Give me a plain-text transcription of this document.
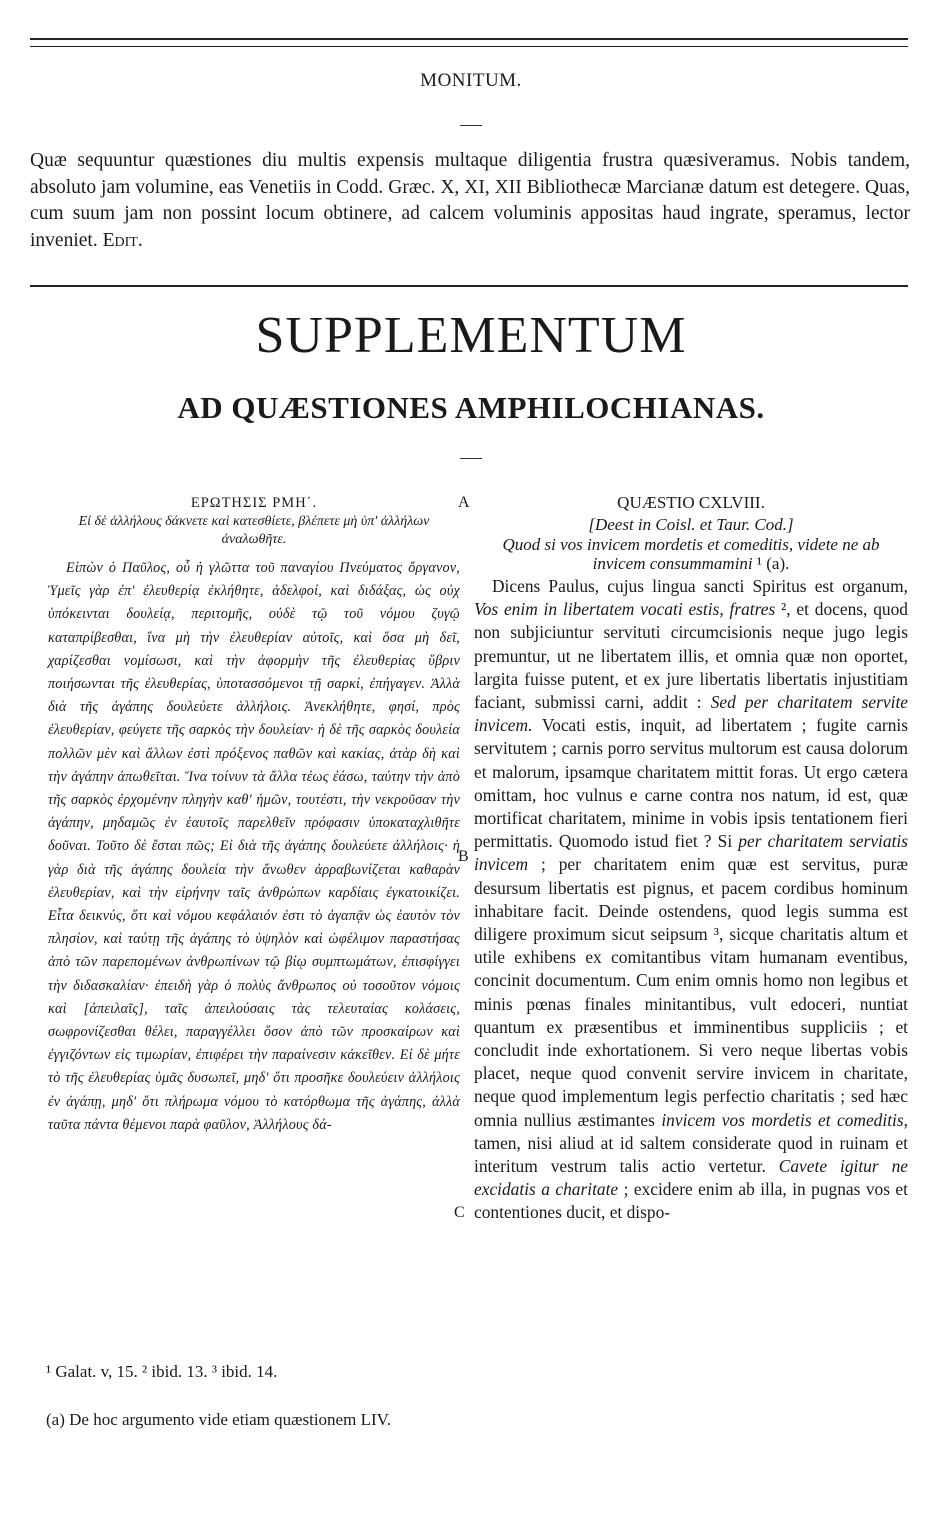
MONITUM.

Quæ sequuntur quæstiones diu multis expensis multaque diligentia frustra quæsiveramus. Nobis tandem, absoluto jam volumine, eas Venetiis in Codd. Græc. X, XI, XII Bibliothecæ Marcianæ datum est detegere. Quas, cum suum jam non possint locum obtinere, ad calcem voluminis appositas haud ingrate, speramus, lector inveniet. Edit.

SUPPLEMENTUM
AD QUÆSTIONES AMPHILOCHIANAS.
ΕΡΩΤΗΣΙΣ ΡΜΗ΄.

Εἰ δὲ ἀλλήλους δάκνετε καὶ κατεσθίετε, βλέπετε μὴ ὑπ' ἀλλήλων ἀναλωθῆτε.

Εἰπὼν ὁ Παῦλος, οὗ ἡ γλῶττα τοῦ παναγίου Πνεύματος ὄργανον, Ὑμεῖς γὰρ ἐπ' ἐλευθερίᾳ ἐκλήθητε, ἀδελφοί, καὶ διδάξας, ὡς οὐχ ὑπόκεινται δουλείᾳ, περιτομῆς, οὐδὲ τῷ τοῦ νόμου ζυγῷ καταπρίβεσθαι, ἵνα μὴ τὴν ἐλευθερίαν αὐτοῖς, καὶ ὅσα μὴ δεῖ, χαρίζεσθαι νομίσωσι, καὶ τὴν ἀφορμὴν τῆς ἐλευθερίας ὕβριν ποιήσωνται τῆς ἐλευθερίας, ὑποτασσόμενοι τῇ σαρκί, ἐπήγαγεν. Ἀλλὰ διὰ τῆς ἀγάπης δουλεύετε ἀλλήλοις. Ἀνεκλήθητε, φησί, πρὸς ἐλευθερίαν, φεύγετε τῆς σαρκὸς τὴν δουλείαν· ἡ δὲ τῆς σαρκὸς δουλεία πολλῶν μὲν καὶ ἄλλων ἐστὶ πρόξενος παθῶν καὶ κακίας, ἀτὰρ δὴ καὶ τὴν ἀγάπην ἀπωθεῖται. Ἵνα τοίνυν τὰ ἄλλα τέως ἐάσω, ταύτην τὴν ἀπὸ τῆς σαρκὸς ἐρχομένην πληγὴν καθ' ἡμῶν, τουτέστι, τὴν νεκροῦσαν τὴν ἀγάπην, μηδαμῶς ἐν ἑαυτοῖς παρελθεῖν πρόφασιν ὑποκαταχλιθῆτε δοῦναι. Τοῦτο δὲ ἔσται πῶς; Εἰ διὰ τῆς ἀγάπης δουλεύετε ἀλλήλοις· ἡ γὰρ διὰ τῆς ἀγάπης δουλεία τὴν ἄνωθεν ἀρραβωνίζεται καθαρὰν ἐλευθερίαν, καὶ τὴν εἰρήνην ταῖς ἀνθρώπων καρδίαις ἐγκατοικίζει. Εἶτα δεικνύς, ὅτι καὶ νόμου κεφάλαιόν ἐστι τὸ ἀγαπᾷν ὡς ἑαυτὸν τὸν πλησίον, καὶ ταύτῃ τῆς ἀγάπης τὸ ὑψηλὸν καὶ ὠφέλιμον παραστήσας ἀπὸ τῶν παρεπομένων ἀνθρωπίνων τῷ βίῳ συμπτωμάτων, ἐπισφίγγει τὴν διδασκαλίαν· ἐπειδὴ γὰρ ὁ πολὺς ἄνθρωπος οὐ τοσοῦτον νόμοις καὶ [ἀπειλαῖς], ταῖς ἀπειλούσαις τὰς τελευταίας κολάσεις, σωφρονίζεσθαι θέλει, παραγγέλλει ὅσον ἀπὸ τῶν προσκαίρων καὶ ἐγγιζόντων εἰς τιμωρίαν, ἐπιφέρει τὴν παραίνεσιν κἀκεῖθεν. Εἰ δὲ μήτε τὸ τῆς ἐλευθερίας ὑμᾶς δυσωπεῖ, μηδ' ὅτι προσῆκε δουλεύειν ἀλλήλοις ἐν ἀγάπῃ, μηδ' ὅτι πλήρωμα νόμου τὸ κατόρθωμα τῆς ἀγάπης, ἀλλὰ ταῦτα πάντα θέμενοι παρὰ φαῦλον, Ἀλλήλους δά-

A
B
C
QUÆSTIO CXLVIII.

[Deest in Coisl. et Taur. Cod.]

Quod si vos invicem mordetis et comeditis, videte ne ab

invicem consummamini ¹ (a).

Dicens Paulus, cujus lingua sancti Spiritus est organum, Vos enim in libertatem vocati estis, fratres ², et docens, quod non subjiciuntur servituti circumcisionis neque jugo legis premuntur, ut ne libertatem illis, et omnia quæ non oportet, largita fuisse putent, et ex jure libertatis libertatis injustitiam faciant, submissi carni, addit : Sed per charitatem servite invicem. Vocati estis, inquit, ad libertatem ; fugite carnis servitutem ; carnis porro servitus multorum est causa dolorum et malorum, ipsamque charitatem mittit foras. Ut ergo cætera omittam, hoc vulnus e carne contra nos natum, id est, quæ mortificat charitatem, minime in vobis ipsis tentationem fieri permittatis. Quomodo istud fiet ? Si per charitatem serviatis invicem ; per charitatem enim quæ est servitus, puræ desursum libertatis est pignus, et pacem cordibus hominum inhabitare facit. Deinde ostendens, quod legis summa est diligere proximum sicut seipsum ³, sicque charitatis altum et utile exhibens ex comitantibus vitam humanam eventibus, concinit documentum. Cum enim omnis homo non legibus et minis pœnas finales minitantibus, vult edoceri, nuntiat quantum ex præsentibus et imminentibus suppliciis ; et concludit inde exhortationem. Si vero neque libertas vobis placet, neque quod convenit servire invicem in charitate, neque quod implementum legis perfectio charitatis ; sed hæc omnia nullius æstimantes invicem vos mordetis et comeditis, tamen, nisi aliud at id saltem considerate quod in ruinam et interitum vestrum talis actio vertetur. Cavete igitur ne excidatis a charitate ; excidere enim ab illa, in pugnas vos et contentiones ducit, et dispo-

¹ Galat. v, 15. ² ibid. 13. ³ ibid. 14.
(a) De hoc argumento vide etiam quæstionem LIV.
